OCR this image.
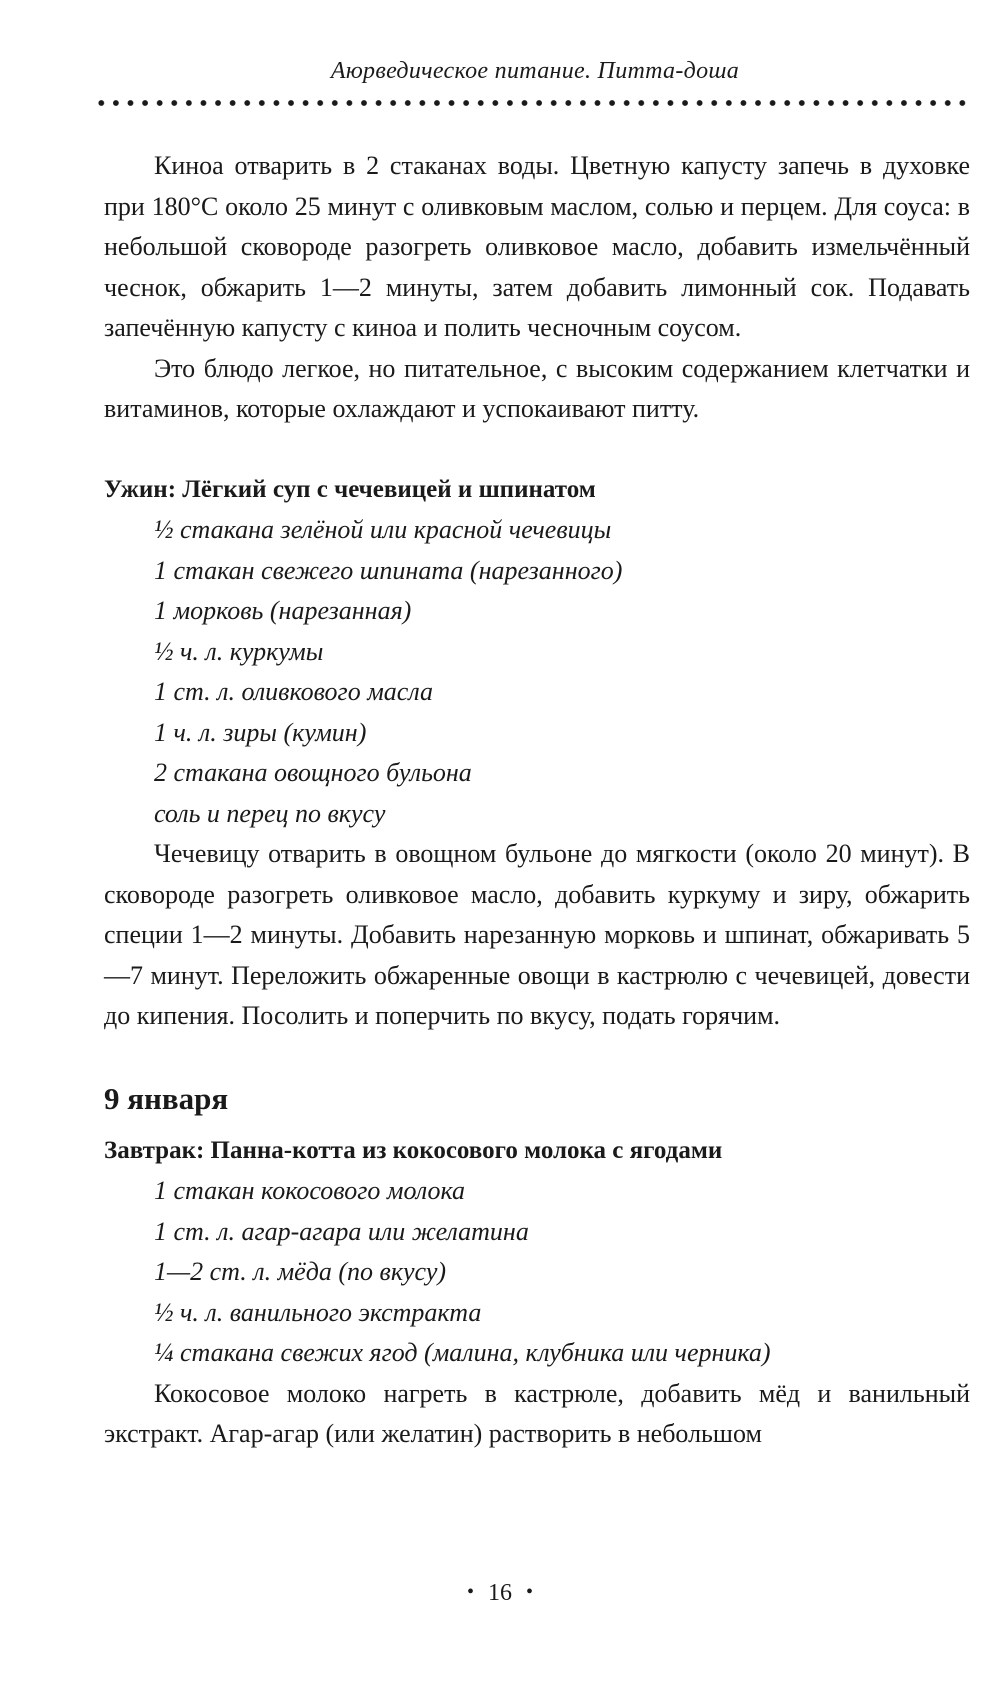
Аюрведическое питание. Питта-доша

Киноа отварить в 2 стаканах воды. Цветную капусту запечь в духовке при 180°С около 25 минут с оливковым маслом, солью и перцем. Для соуса: в небольшой сковороде разогреть оливковое масло, добавить измельчённый чеснок, обжарить 1—2 минуты, затем добавить лимонный сок. Подавать запечённую капусту с киноа и полить чесночным соусом.

Это блюдо легкое, но питательное, с высоким содержанием клетчатки и витаминов, которые охлаждают и успокаивают питту.

Ужин: Лёгкий суп с чечевицей и шпинатом

½ стакана зелёной или красной чечевицы
1 стакан свежего шпината (нарезанного)
1 морковь (нарезанная)
½ ч. л. куркумы
1 ст. л. оливкового масла
1 ч. л. зиры (кумин)
2 стакана овощного бульона
соль и перец по вкусу

Чечевицу отварить в овощном бульоне до мягкости (около 20 минут). В сковороде разогреть оливковое масло, добавить куркуму и зиру, обжарить специи 1—2 минуты. Добавить нарезанную морковь и шпинат, обжаривать 5—7 минут. Переложить обжаренные овощи в кастрюлю с чечевицей, довести до кипения. Посолить и поперчить по вкусу, подать горячим.

9 января

Завтрак: Панна-котта из кокосового молока с ягодами

1 стакан кокосового молока
1 ст. л. агар-агара или желатина
1—2 ст. л. мёда (по вкусу)
½ ч. л. ванильного экстракта
¼ стакана свежих ягод (малина, клубника или черника)

Кокосовое молоко нагреть в кастрюле, добавить мёд и ванильный экстракт. Агар-агар (или желатин) растворить в небольшом

• 16 •
